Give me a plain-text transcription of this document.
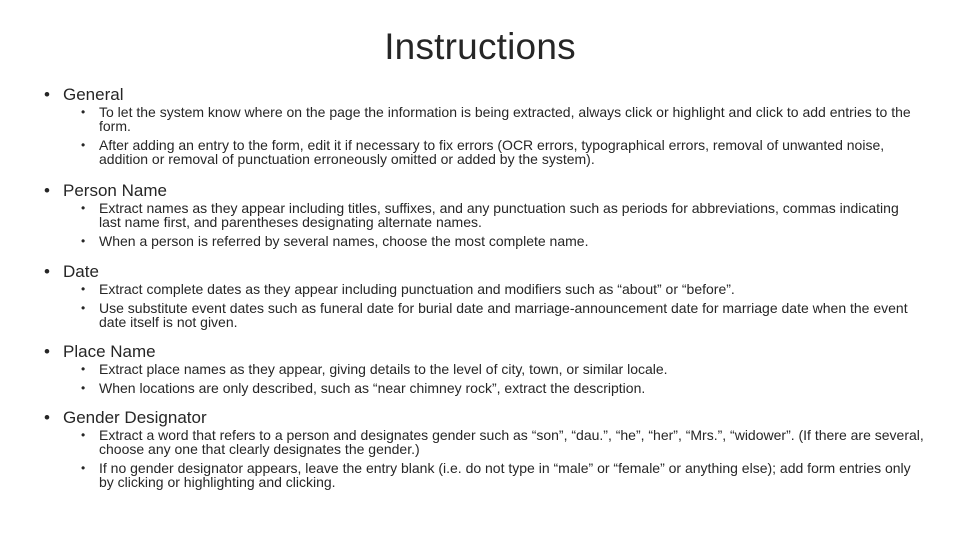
Instructions
• General
• To let the system know where on the page the information is being extracted, always click or highlight and click to add entries to the form.
• After adding an entry to the form, edit it if necessary to fix errors (OCR errors, typographical errors, removal of unwanted noise, addition or removal of punctuation erroneously omitted or added by the system).
• Person Name
• Extract names as they appear including titles, suffixes, and any punctuation such as periods for abbreviations, commas indicating last name first, and parentheses designating alternate names.
• When a person is referred by several names, choose the most complete name.
• Date
• Extract complete dates as they appear including punctuation and modifiers such as “about” or “before”.
• Use substitute event dates such as funeral date for burial date and marriage-announcement date for marriage date when the event date itself is not given.
• Place Name
• Extract place names as they appear, giving details to the level of city, town, or similar locale.
• When locations are only described, such as “near chimney rock”, extract the description.
• Gender Designator
• Extract a word that refers to a person and designates gender such as “son”, “dau.”, “he”, “her”, “Mrs.”, “widower”. (If there are several, choose any one that clearly designates the gender.)
• If no gender designator appears, leave the entry blank (i.e. do not type in “male” or “female” or anything else); add form entries only by clicking or highlighting and clicking.
